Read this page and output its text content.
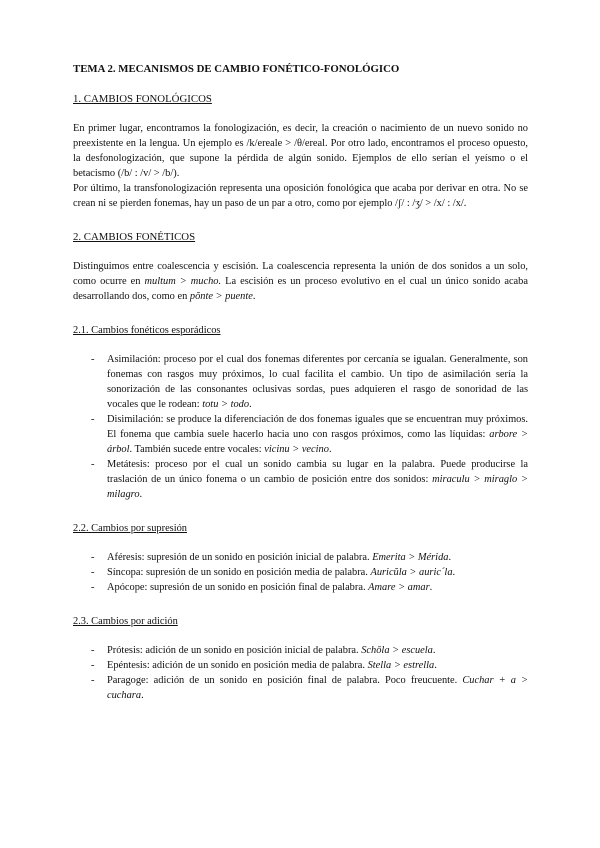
TEMA 2. MECANISMOS DE CAMBIO FONÉTICO-FONOLÓGICO
1. CAMBIOS FONOLÓGICOS

En primer lugar, encontramos la fonologización, es decir, la creación o nacimiento de un nuevo sonido no preexistente en la lengua. Un ejemplo es /k/ereale > /θ/ereal. Por otro lado, encontramos el proceso opuesto, la desfonologización, que supone la pérdida de algún sonido. Ejemplos de ello serían el yeísmo o el betacismo (/b/ : /v/ > /b/).

Por último, la transfonologización representa una oposición fonológica que acaba por derivar en otra. No se crean ni se pierden fonemas, hay un paso de un par a otro, como por ejemplo /ʃ/ : /ʒ/ > /x/ : /x/.

2. CAMBIOS FONÉTICOS

Distinguimos entre coalescencia y escisión. La coalescencia representa la unión de dos sonidos a un solo, como ocurre en multum > mucho. La escisión es un proceso evolutivo en el cual un único sonido acaba desarrollando dos, como en pŏnte > puente.

2.1. Cambios fonéticos esporádicos
- Asimilación: proceso por el cual dos fonemas diferentes por cercanía se igualan. Generalmente, son fonemas con rasgos muy próximos, lo cual facilita el cambio. Un tipo de asimilación sería la sonorización de las consonantes oclusivas sordas, pues adquieren el rasgo de sonoridad de las vocales que le rodean: totu > todo.
- Disimilación: se produce la diferenciación de dos fonemas iguales que se encuentran muy próximos. El fonema que cambia suele hacerlo hacia uno con rasgos próximos, como las líquidas: arbore > árbol. También sucede entre vocales: vicinu > vecino.
- Metátesis: proceso por el cual un sonido cambia su lugar en la palabra. Puede producirse la traslación de un único fonema o un cambio de posición entre dos sonidos: miraculu > miraglo > milagro.
2.2. Cambios por supresión
- Aféresis: supresión de un sonido en posición inicial de palabra. Emerita > Mérida.
- Síncopa: supresión de un sonido en posición media de palabra. Auricŭla > auric´la.
- Apócope: supresión de un sonido en posición final de palabra. Amare > amar.
2.3. Cambios por adición
- Prótesis: adición de un sonido en posición inicial de palabra. Schōla > escuela.
- Epéntesis: adición de un sonido en posición media de palabra. Stella > estrella.
- Paragoge: adición de un sonido en posición final de palabra. Poco freucuente. Cuchar + a > cuchara.
